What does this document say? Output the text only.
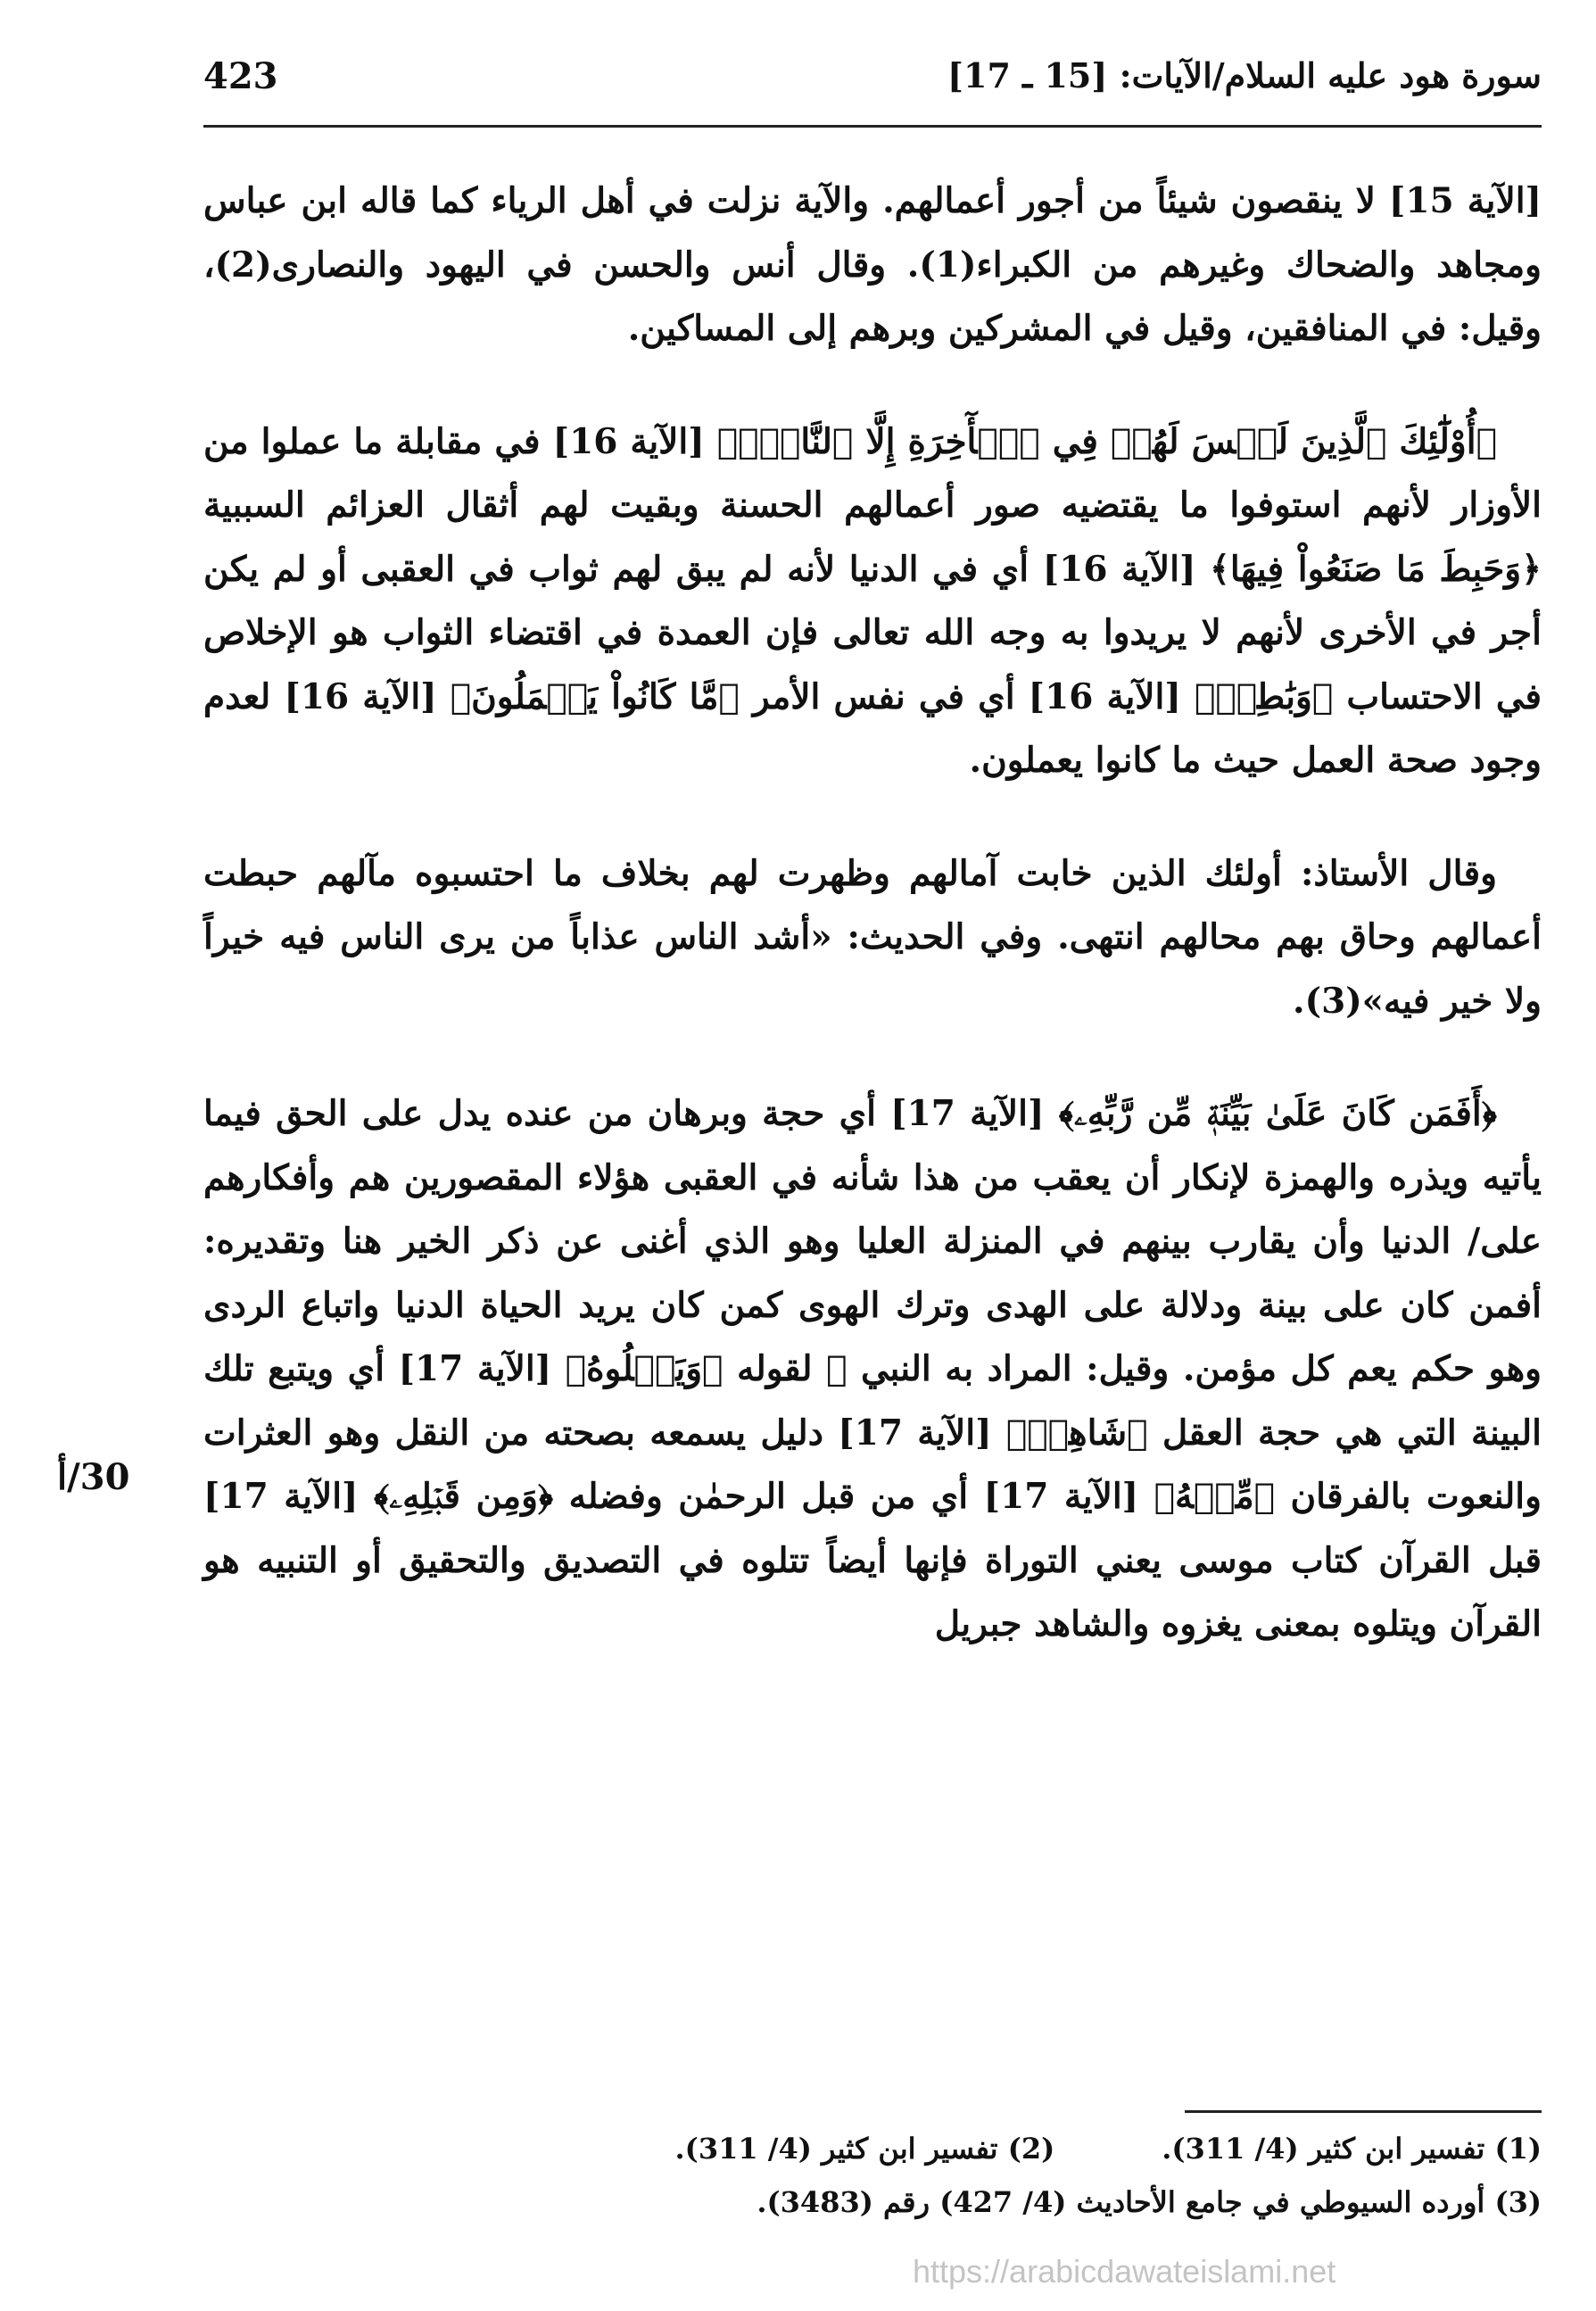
سورة هود عليه السلام/الآيات: [15 ـ 17]
423

[الآية 15] لا ينقصون شيئاً من أجور أعمالهم. والآية نزلت في أهل الرياء كما قاله ابن عباس ومجاهد والضحاك وغيرهم من الكبراء(1). وقال أنس والحسن في اليهود والنصارى(2)، وقيل: في المنافقين، وقيل في المشركين وبرهم إلى المساكين.

﴿أُوْلَٰٓئِكَ ٱلَّذِينَ لَيۡسَ لَهُمۡ فِي ٱلۡأٓخِرَةِ إِلَّا ٱلنَّارُۖ﴾ [الآية 16] في مقابلة ما عملوا من الأوزار لأنهم استوفوا ما يقتضيه صور أعمالهم الحسنة وبقيت لهم أثقال العزائم السببية ﴿وَحَبِطَ مَا صَنَعُواْ فِيهَا﴾ [الآية 16] أي في الدنيا لأنه لم يبق لهم ثواب في العقبى أو لم يكن أجر في الأخرى لأنهم لا يريدوا به وجه الله تعالى فإن العمدة في اقتضاء الثواب هو الإخلاص في الاحتساب ﴿وَبَٰطِلٞ﴾ [الآية 16] أي في نفس الأمر ﴿مَّا كَانُواْ يَعۡمَلُونَ﴾ [الآية 16] لعدم وجود صحة العمل حيث ما كانوا يعملون.

وقال الأستاذ: أولئك الذين خابت آمالهم وظهرت لهم بخلاف ما احتسبوه مآلهم حبطت أعمالهم وحاق بهم محالهم انتهى. وفي الحديث: «أشد الناس عذاباً من يرى الناس فيه خيراً ولا خير فيه»(3).

﴿أَفَمَن كَانَ عَلَىٰ بَيِّنَةٖ مِّن رَّبِّهِۦ﴾ [الآية 17] أي حجة وبرهان من عنده يدل على الحق فيما يأتيه ويذره والهمزة لإنكار أن يعقب من هذا شأنه في العقبى هؤلاء المقصورين هم وأفكارهم على/ الدنيا وأن يقارب بينهم في المنزلة العليا وهو الذي أغنى عن ذكر الخير هنا وتقديره: أفمن كان على بينة ودلالة على الهدى وترك الهوى كمن كان يريد الحياة الدنيا واتباع الردى وهو حكم يعم كل مؤمن. وقيل: المراد به النبي ﷺ لقوله ﴿وَيَتۡلُوهُ﴾ [الآية 17] أي ويتبع تلك البينة التي هي حجة العقل ﴿شَاهِدٞ﴾ [الآية 17] دليل يسمعه بصحته من النقل وهو العثرات والنعوت بالفرقان ﴿مِّنۡهُ﴾ [الآية 17] أي من قبل الرحمٰن وفضله ﴿وَمِن قَبۡلِهِۦ﴾ [الآية 17] قبل القرآن كتاب موسى يعني التوراة فإنها أيضاً تتلوه في التصديق والتحقيق أو التنبيه هو القرآن ويتلوه بمعنى يغزوه والشاهد جبريل

30/أ
(1) تفسير ابن كثير (4/ 311).
(2) تفسير ابن كثير (4/ 311).
(3) أورده السيوطي في جامع الأحاديث (4/ 427) رقم (3483).
https://arabicdawateislami.net
